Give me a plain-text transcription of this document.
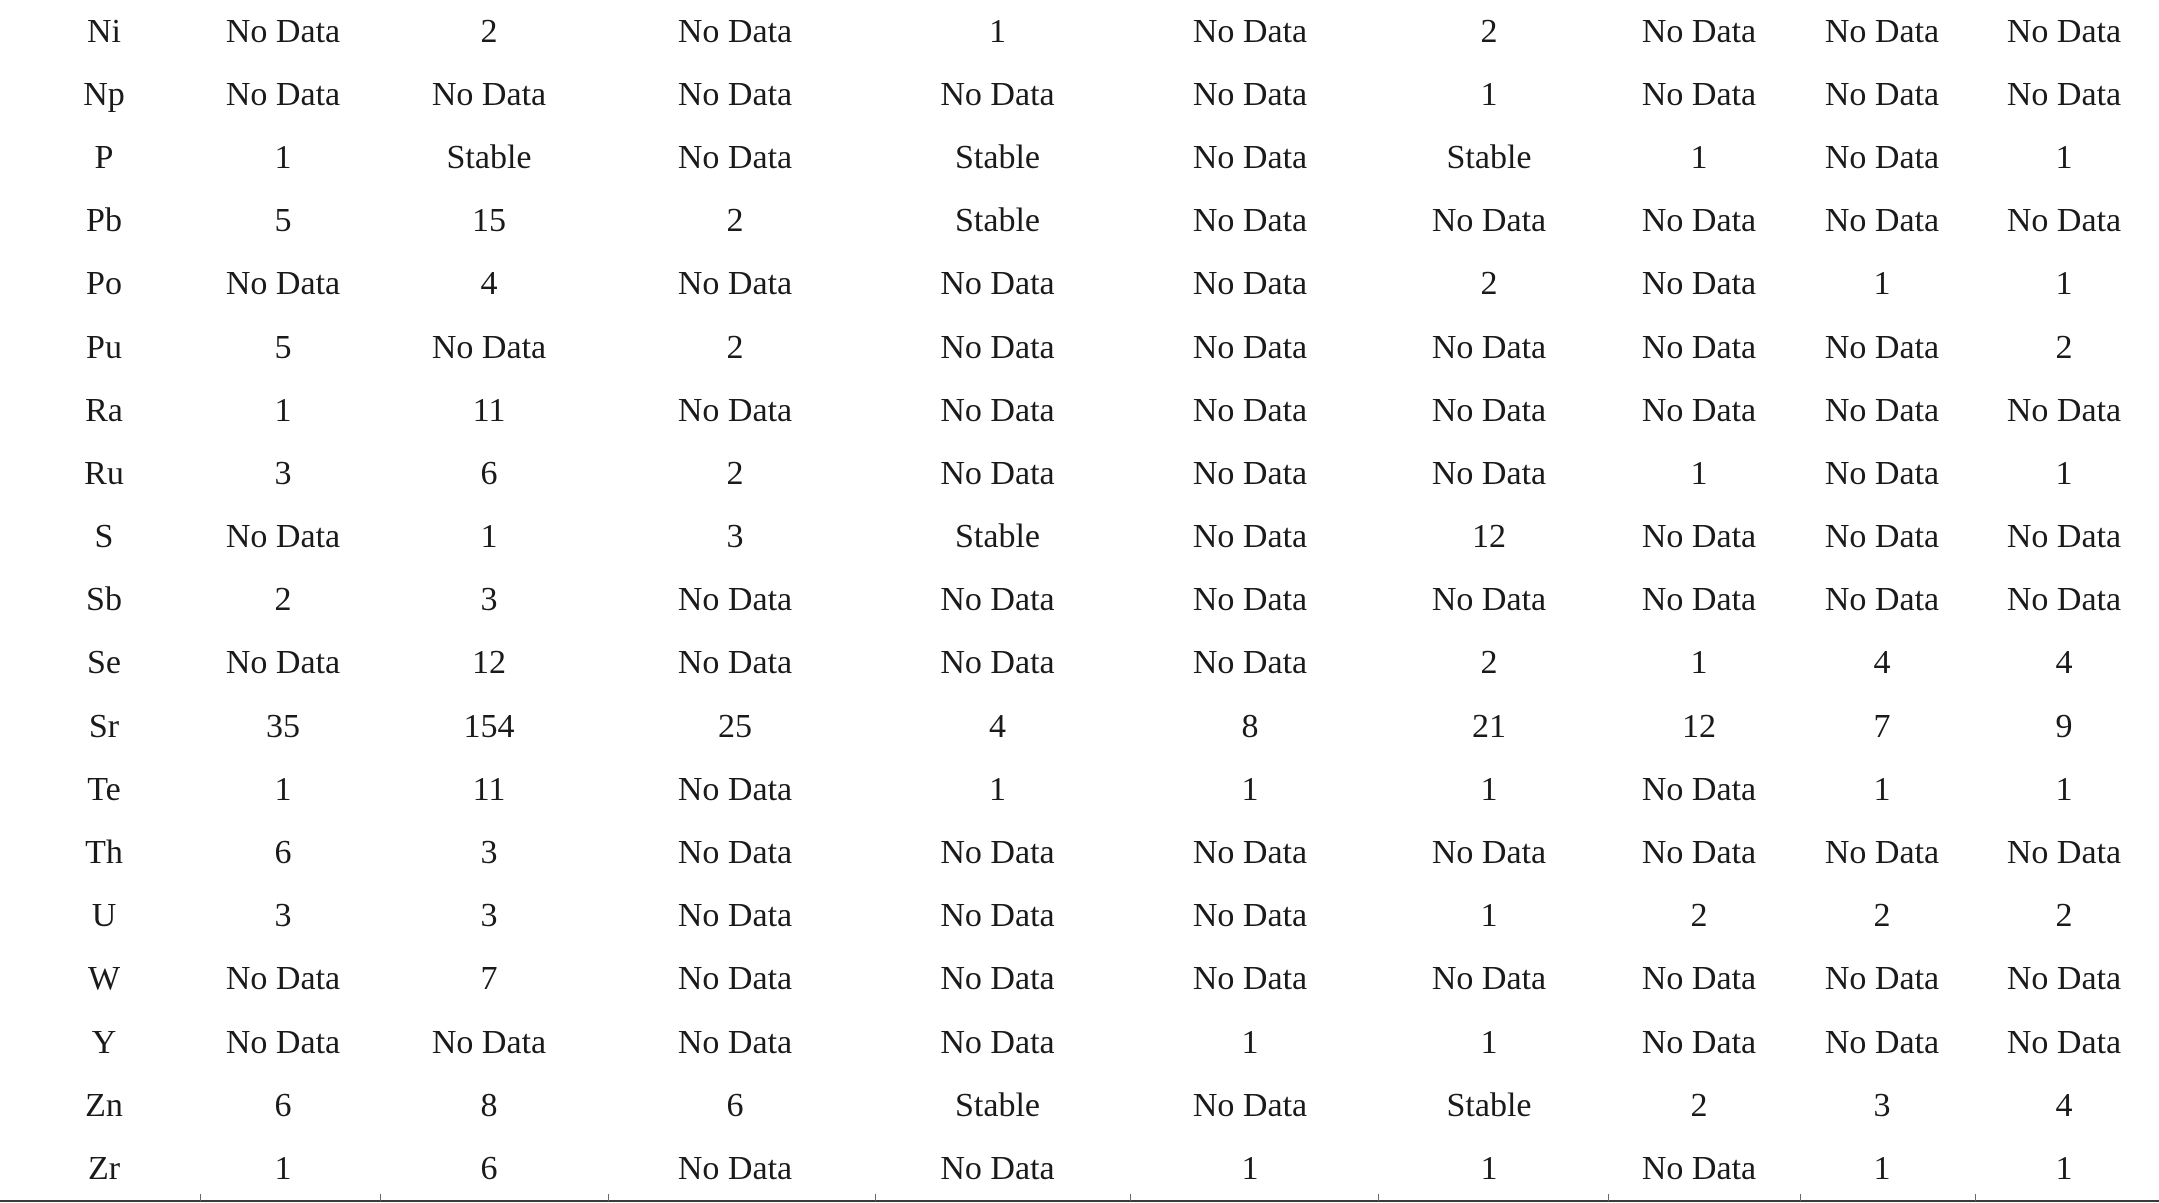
Ni	No Data	2	No Data	1	No Data	2	No Data	No Data	No Data
Np	No Data	No Data	No Data	No Data	No Data	1	No Data	No Data	No Data
P	1	Stable	No Data	Stable	No Data	Stable	1	No Data	1
Pb	5	15	2	Stable	No Data	No Data	No Data	No Data	No Data
Po	No Data	4	No Data	No Data	No Data	2	No Data	1	1
Pu	5	No Data	2	No Data	No Data	No Data	No Data	No Data	2
Ra	1	11	No Data	No Data	No Data	No Data	No Data	No Data	No Data
Ru	3	6	2	No Data	No Data	No Data	1	No Data	1
S	No Data	1	3	Stable	No Data	12	No Data	No Data	No Data
Sb	2	3	No Data	No Data	No Data	No Data	No Data	No Data	No Data
Se	No Data	12	No Data	No Data	No Data	2	1	4	4
Sr	35	154	25	4	8	21	12	7	9
Te	1	11	No Data	1	1	1	No Data	1	1
Th	6	3	No Data	No Data	No Data	No Data	No Data	No Data	No Data
U	3	3	No Data	No Data	No Data	1	2	2	2
W	No Data	7	No Data	No Data	No Data	No Data	No Data	No Data	No Data
Y	No Data	No Data	No Data	No Data	1	1	No Data	No Data	No Data
Zn	6	8	6	Stable	No Data	Stable	2	3	4
Zr	1	6	No Data	No Data	1	1	No Data	1	1
